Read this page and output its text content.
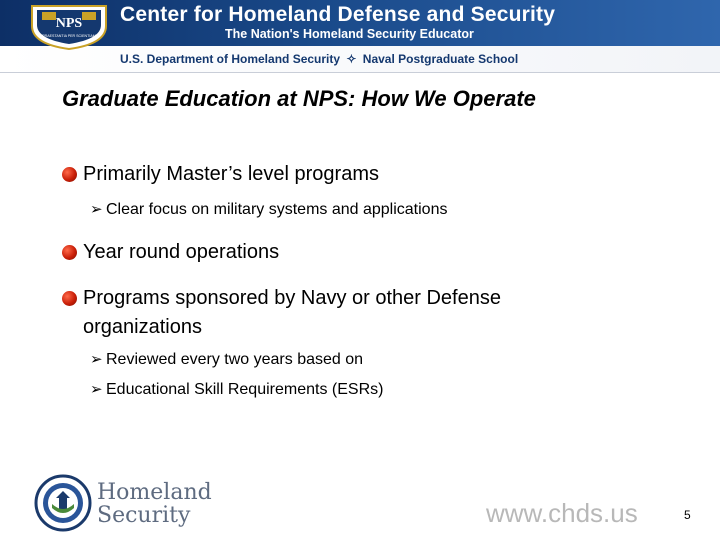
NPS
PRAESTANTIA PER SCIENTIAM
Center for Homeland Defense and Security
The Nation's Homeland Security Educator
U.S. Department of Homeland Security ✧ Naval Postgraduate School
Graduate Education at NPS: How We Operate
Primarily Master’s level programs
➢ Clear focus on military systems and applications
Year round operations
Programs sponsored by Navy or other Defense organizations
➢ Reviewed every two years based on
➢ Educational Skill Requirements (ESRs)
Homeland
Security	www.chds.us	5
